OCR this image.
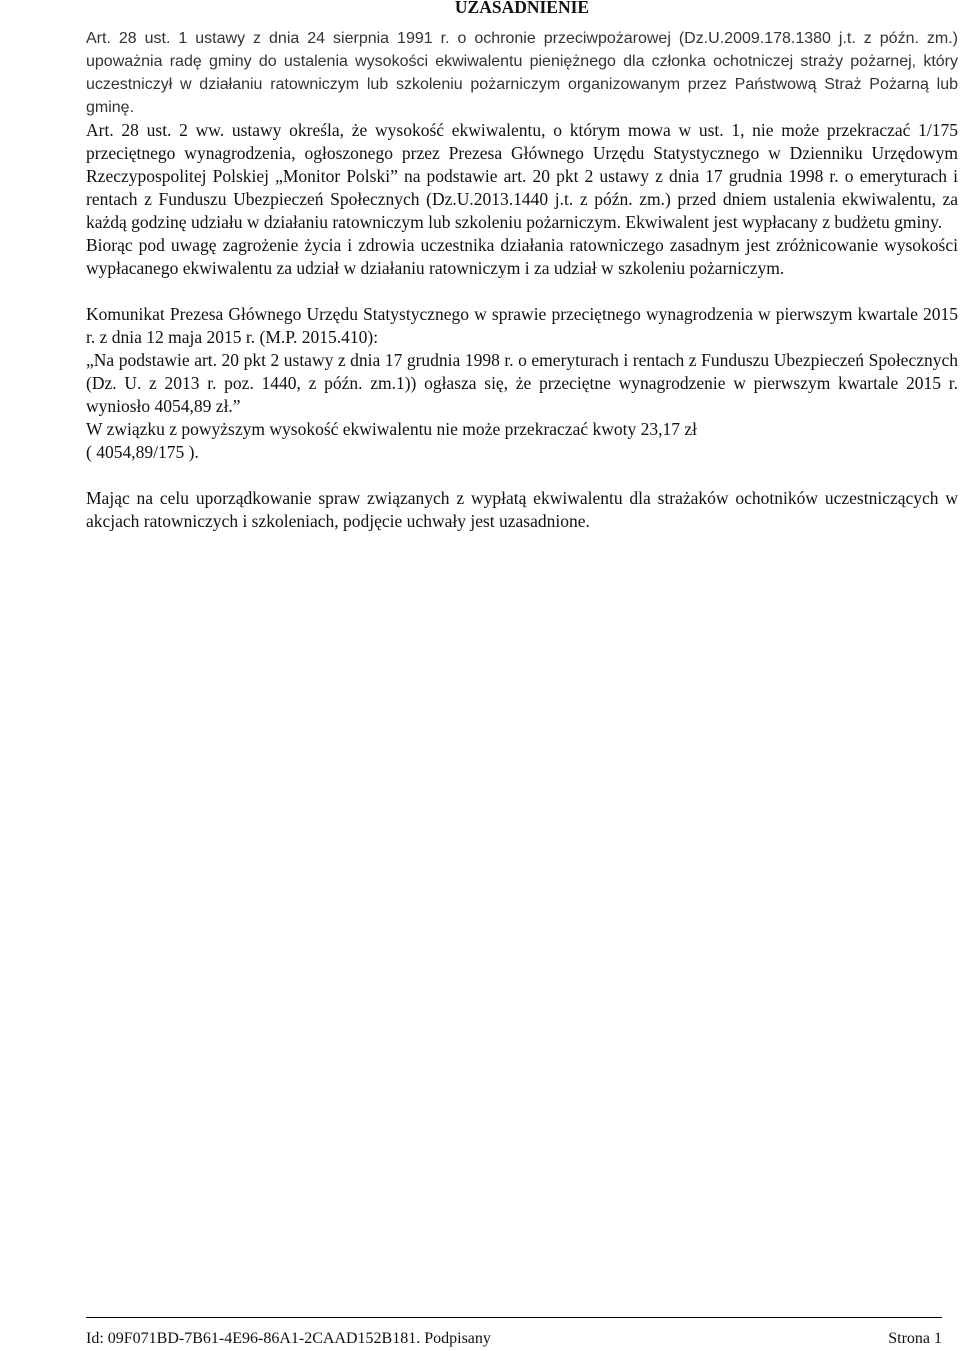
UZASADNIENIE

Art. 28 ust. 1 ustawy z dnia 24 sierpnia 1991 r. o ochronie przeciwpożarowej (Dz.U.2009.178.1380 j.t. z późn. zm.) upoważnia radę gminy do ustalenia wysokości ekwiwalentu pieniężnego dla członka ochotniczej straży pożarnej, który uczestniczył w działaniu ratowniczym lub szkoleniu pożarniczym organizowanym przez Państwową Straż Pożarną lub gminę.

Art. 28 ust. 2 ww. ustawy określa, że wysokość ekwiwalentu, o którym mowa w ust. 1, nie może przekraczać 1/175 przeciętnego wynagrodzenia, ogłoszonego przez Prezesa Głównego Urzędu Statystycznego w Dzienniku Urzędowym Rzeczypospolitej Polskiej „Monitor Polski” na podstawie art. 20 pkt 2 ustawy z dnia 17 grudnia 1998 r. o emeryturach i rentach z Funduszu Ubezpieczeń Społecznych (Dz.U.2013.1440 j.t. z późn. zm.) przed dniem ustalenia ekwiwalentu, za każdą godzinę udziału w działaniu ratowniczym lub szkoleniu pożarniczym. Ekwiwalent jest wypłacany z budżetu gminy.

Biorąc pod uwagę zagrożenie życia i zdrowia uczestnika działania ratowniczego zasadnym jest zróżnicowanie wysokości wypłacanego ekwiwalentu za udział w działaniu ratowniczym i za udział w szkoleniu pożarniczym.

Komunikat Prezesa Głównego Urzędu Statystycznego w sprawie przeciętnego wynagrodzenia w pierwszym kwartale 2015 r. z dnia 12 maja 2015 r. (M.P. 2015.410):

„Na podstawie art. 20 pkt 2 ustawy z dnia 17 grudnia 1998 r. o emeryturach i rentach z Funduszu Ubezpieczeń Społecznych (Dz. U. z 2013 r. poz. 1440, z późn. zm.1)) ogłasza się, że przeciętne wynagrodzenie w pierwszym kwartale 2015 r. wyniosło 4054,89 zł.”

W związku z powyższym wysokość ekwiwalentu nie może przekraczać kwoty 23,17 zł

( 4054,89/175 ).

Mając na celu uporządkowanie spraw związanych z wypłatą ekwiwalentu dla strażaków ochotników uczestniczących w akcjach ratowniczych i szkoleniach, podjęcie uchwały jest uzasadnione.

Id: 09F071BD-7B61-4E96-86A1-2CAAD152B181. Podpisany	Strona 1
